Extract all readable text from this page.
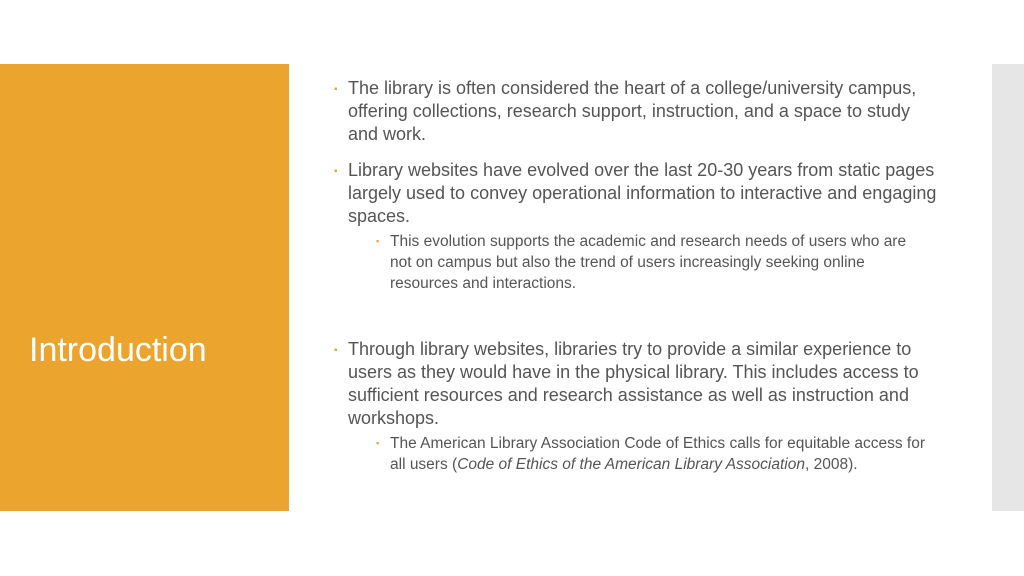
Introduction
▪ The library is often considered the heart of a college/university campus, offering collections, research support, instruction, and a space to study and work.
▪ Library websites have evolved over the last 20-30 years from static pages largely used to convey operational information to interactive and engaging spaces.
▪ This evolution supports the academic and research needs of users who are not on campus but also the trend of users increasingly seeking online resources and interactions.
▪ Through library websites, libraries try to provide a similar experience to users as they would have in the physical library. This includes access to sufficient resources and research assistance as well as instruction and workshops.
▪ The American Library Association Code of Ethics calls for equitable access for all users (Code of Ethics of the American Library Association, 2008).
